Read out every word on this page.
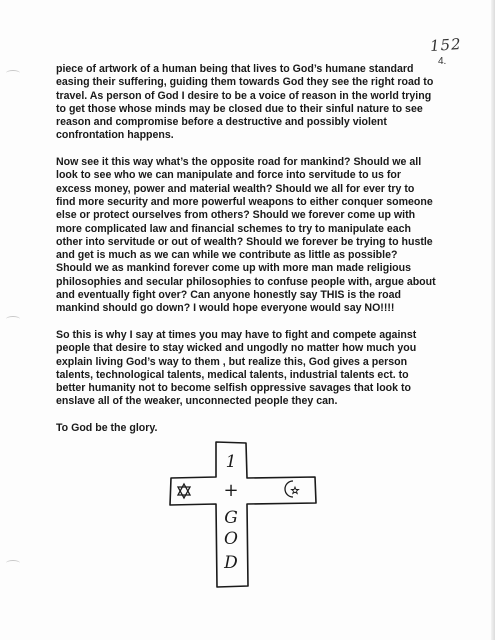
152
4.

piece of artwork of a human being that lives to God’s humane standard easing their suffering, guiding them towards God they see the right road to travel. As person of God I desire to be a voice of reason in the world trying to get those whose minds may be closed due to their sinful nature to see reason and compromise before a destructive and possibly violent confrontation happens.

Now see it this way what’s the opposite road for mankind? Should we all look to see who we can manipulate and force into servitude to us for excess money, power and material wealth? Should we all for ever try to find more security and more powerful weapons to either conquer someone else or protect ourselves from others? Should we forever come up with more complicated law and financial schemes to try to manipulate each other into servitude or out of wealth? Should we forever be trying to hustle and get is much as we can while we contribute as little as possible? Should we as mankind forever come up with more man made religious philosophies and secular philosophies to confuse people with, argue about and eventually fight over? Can anyone honestly say THIS is the road mankind should go down? I would hope everyone would say NO!!!!

So this is why I say at times you may have to fight and compete against people that desire to stay wicked and ungodly no matter how much you explain living God’s way to them , but realize this, God gives a person talents, technological talents, medical talents, industrial talents ect. to better humanity not to become selfish oppressive savages that look to enslave all of the weaker, unconnected people they can.

To God be the glory.

1
+
G
O
D
